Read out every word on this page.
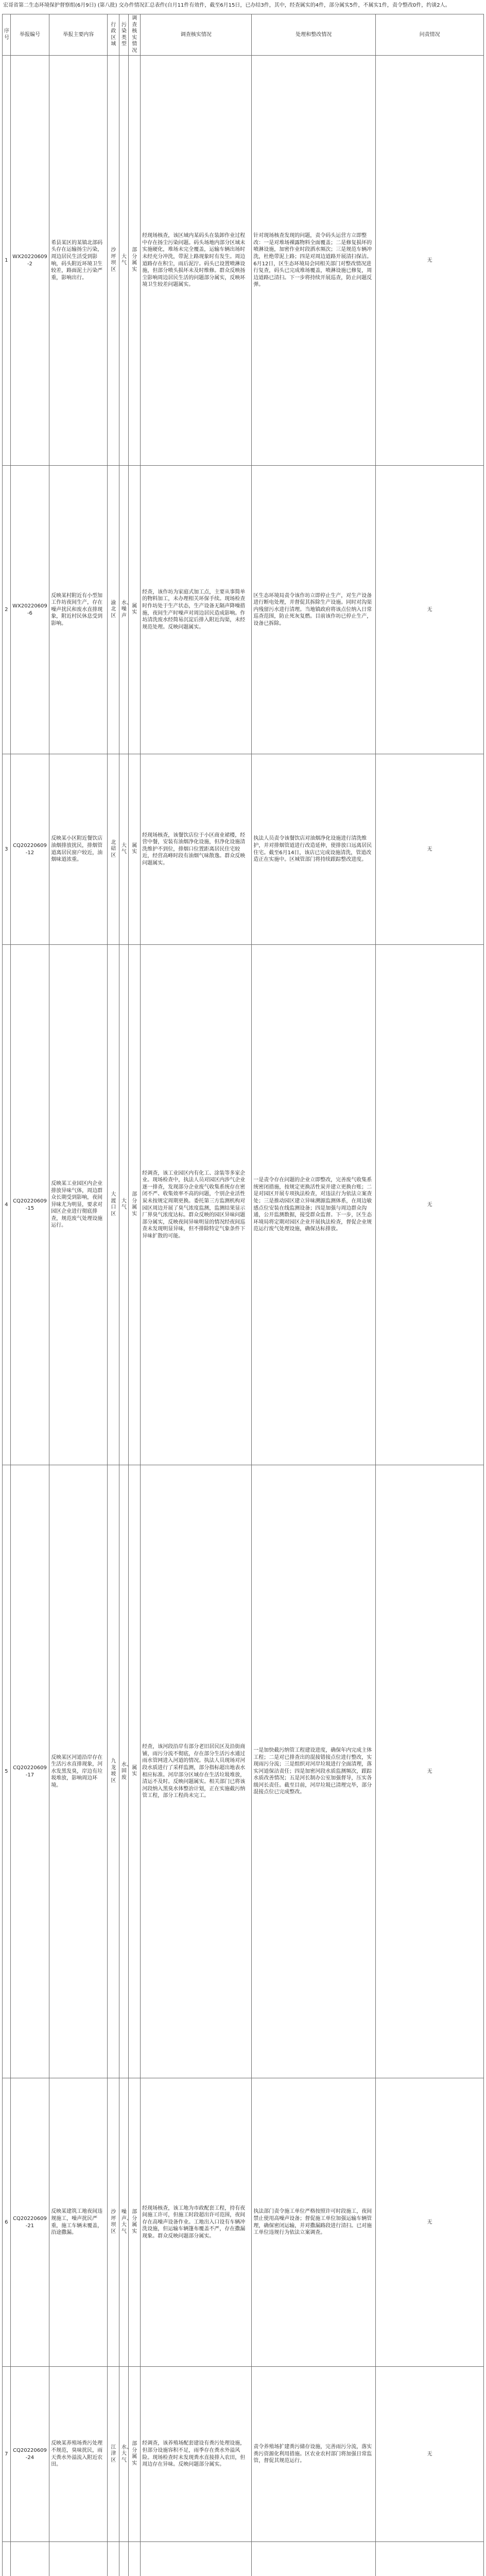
宏哥省第二生态环境保护督察组(6月9日) (第八批) 交办件情况汇总表件(自月11件有效件，截至6月15日，已办结3件，其中，经查属实的4件，部分属实5件，不属实1件，责令整改0件，约谈2人。
序号	举报编号	举报主要内容	行政区域	污染类型	调查核实情况	调查核实情况	处理和整改情况	问责情况
1	WX20220609-2	希县某区的某镇北部码头存在运输扬尘污染，周边居民生活受到影响，码头附近环境卫生较差，路面泥土污染严重，影响出行。	沙坪坝区	大气	部分属实	经现场核查，该区域内某码头在装卸作业过程中存在扬尘污染问题。码头场地内部分区域未实施硬化，堆场未完全覆盖，运输车辆出场时未经充分冲洗，带泥上路现象时有发生。周边道路存在积尘，雨后泥泞。码头已设置喷淋设施，但部分喷头损坏未及时维修。群众反映扬尘影响周边居民生活的问题部分属实，反映环境卫生较差问题属实。	针对现场核查发现的问题，责令码头运营方立即整改：一是对堆场裸露物料全面覆盖；二是修复损坏的喷淋设施，加密作业时段洒水频次；三是规范车辆冲洗，杜绝带泥上路；四是对周边道路开展清扫保洁。6月12日，区生态环境局会同相关部门对整改情况进行复查，码头已完成堆场覆盖，喷淋设施已修复，周边道路已清扫。下一步将持续开展巡查，防止问题反弹。	无
2	WX20220609-6	反映某村附近有小型加工作坊夜间生产，存在噪声扰民和废水直排现象，附近村民休息受到影响。	渝北区	水、噪声	属实	经查，该作坊为家庭式加工点，主要从事简单的物料加工，未办理相关环保手续。现场检查时作坊处于生产状态，生产设备无隔声降噪措施，夜间生产时噪声对周边居民造成影响。作坊清洗废水经简易沉淀后排入附近沟渠，未经规范处理。反映问题属实。	区生态环境局责令该作坊立即停止生产，对生产设备进行断电处理，并督促其拆除生产设施。同时对沟渠内残留污水进行清理。当地镇政府将该点位纳入日常巡查范围，防止死灰复燃。目前该作坊已停止生产，设备已拆除。	无
3	CQ20220609-12	反映某小区附近餐饮店油烟排放扰民，排烟管道离居民窗户较近，油烟味道浓重。	北碚区	大气	属实	经现场核查，该餐饮店位于小区商业裙楼，经营中餐，安装有油烟净化设施，但净化设施清洗维护不到位，排烟口位置距离居民住宅较近，经营高峰时段有油烟气味散逸。群众反映问题属实。	执法人员责令该餐饮店对油烟净化设施进行清洗维护，并对排烟管道进行改造延伸，使排放口远离居民住宅。截至6月14日，该店已完成设施清洗，管道改造正在实施中。区城管部门将持续跟踪整改进度。	无
4	CQ20220609-15	反映某工业园区内企业排放异味气体，周边群众长期受到影响，夜间异味尤为明显，要求对园区企业进行彻底排查，规范废气处理设施运行。	大渡口区	大气	部分属实	经调查，该工业园区内有化工、涂装等多家企业。现场检查中，执法人员对园区内涉气企业逐一排查，发现部分企业废气收集系统存在密闭不严、收集效率不高的问题，个别企业活性炭未按规定周期更换。委托第三方监测机构对园区周边开展了臭气浓度监测，监测结果显示厂界臭气浓度达标。群众反映的园区异味问题部分属实，反映夜间异味明显的情况经夜间巡查未发现明显异味，但不排除特定气象条件下异味扩散的可能。	一是责令存在问题的企业立即整改，完善废气收集系统密闭措施，按规定更换活性炭并建立更换台账；二是对园区开展专项执法检查，对违法行为依法立案查处；三是推动园区建立异味溯源监测体系，在周边敏感点位安装在线监测设备；四是加强与周边群众沟通，公开监测数据，接受群众监督。下一步，区生态环境局将定期对园区企业开展执法检查，督促企业规范运行废气处理设施，确保达标排放。	无
5	CQ20220609-17	反映某区河道沿岸存在生活污水直排现象，河水发黑发臭，岸边有垃圾堆放，影响周边环境。	九龙坡区	水、固废	属实	经查，该河段沿岸有部分老旧居民区及沿街商铺，雨污分流不彻底，存在部分生活污水通过雨水管网进入河道的情况。执法人员现场对河段水质进行了采样监测，部分指标超出地表水相应标准。河岸部分区域存在生活垃圾堆放，清运不及时。反映问题属实。相关部门已将该河段纳入黑臭水体整治计划，正在实施截污纳管工程，部分工程尚未完工。	一是加快截污纳管工程建设进度，确保年内完成主体工程；二是对已排查出的混接错接点位进行整改，实现雨污分流；三是组织对河岸垃圾进行全面清理，落实河道保洁责任；四是加密河段水质监测频次，跟踪水质改善情况；五是河长制办公室加强督导，压实各级河长责任。截至目前，河岸垃圾已清理完毕，部分混接点位已完成整改。	无
6	CQ20220609-21	反映某建筑工地夜间违规施工，噪声扰民严重，施工车辆未覆盖，沿途撒漏。	沙坪坝区	噪声、大气	部分属实	经现场核查，该工地为市政配套工程，持有夜间施工许可，但施工时段超出许可范围，夜间存在高噪声设备作业。工地出入口设有车辆冲洗设施，但运输车辆篷布覆盖不严，存在撒漏现象。群众反映问题部分属实。	执法部门责令施工单位严格按照许可时段施工，夜间禁止使用高噪声设备；督促施工单位加强运输车辆管理，确保密闭运输，并对撒漏路段进行清扫。已对施工单位违规行为依法立案调查。	无
7	CQ20220609-24	反映某养殖场粪污处理不规范，臭味扰民，雨天粪水外溢流入附近农田。	江津区	水、大气	部分属实	经调查，该养殖场配套建设有粪污处理设施，但部分设施容积不足，雨季存在粪水外溢风险。现场检查时未发现粪水直接排入农田，但周边存在异味。反映问题部分属实。	责令养殖场扩建粪污储存设施，完善雨污分流，落实粪污资源化利用措施。区农业农村部门将加强日常监管，督促其规范运行。	无
